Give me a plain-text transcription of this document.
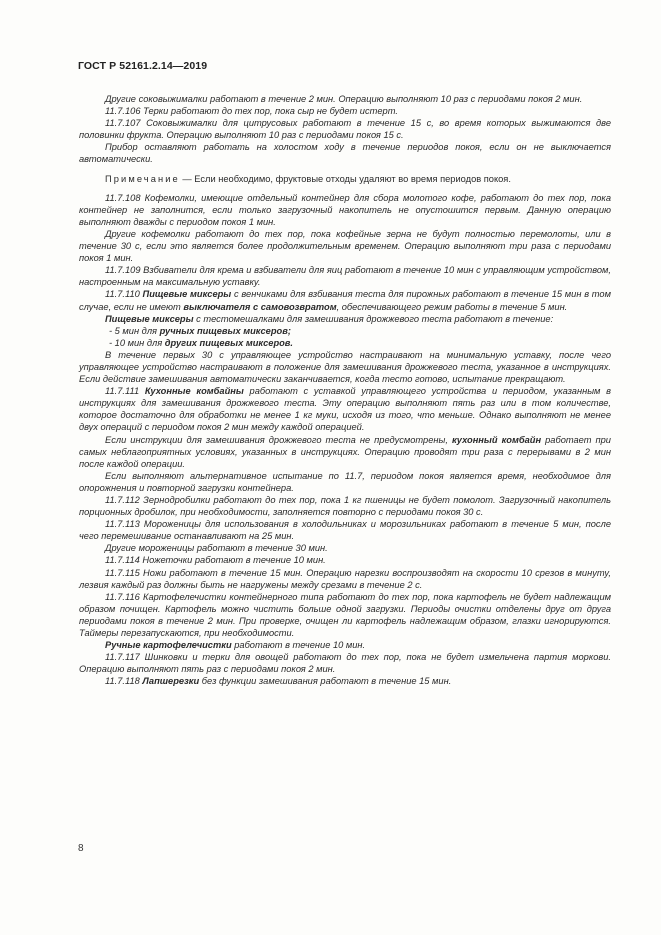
ГОСТ Р 52161.2.14—2019

Другие соковыжималки работают в течение 2 мин. Операцию выполняют 10 раз с периодами покоя 2 мин.

11.7.106 Терки работают до тех пор, пока сыр не будет истерт.

11.7.107 Соковыжималки для цитрусовых работают в течение 15 с, во время которых выжимаются две половинки фрукта. Операцию выполняют 10 раз с периодами покоя 15 с.

Прибор оставляют работать на холостом ходу в течение периодов покоя, если он не выключается автоматически.

Примечание — Если необходимо, фруктовые отходы удаляют во время периодов покоя.

11.7.108 Кофемолки, имеющие отдельный контейнер для сбора молотого кофе, работают до тех пор, пока контейнер не заполнится, если только загрузочный накопитель не опустошится первым. Данную операцию выполняют дважды с периодом покоя 1 мин.

Другие кофемолки работают до тех пор, пока кофейные зерна не будут полностью перемолоты, или в течение 30 с, если это является более продолжительным временем. Операцию выполняют три раза с периодами покоя 1 мин.

11.7.109 Взбиватели для крема и взбиватели для яиц работают в течение 10 мин с управляющим устройством, настроенным на максимальную уставку.

11.7.110 Пищевые миксеры с венчиками для взбивания теста для пирожных работают в течение 15 мин в том случае, если не имеют выключателя с самовозвратом, обеспечивающего режим работы в течение 5 мин.

Пищевые миксеры с тестомешалками для замешивания дрожжевого теста работают в течение:

- 5 мин для ручных пищевых миксеров;

- 10 мин для других пищевых миксеров.

В течение первых 30 с управляющее устройство настраивают на минимальную уставку, после чего управляющее устройство настраивают в положение для замешивания дрожжевого теста, указанное в инструкциях. Если действие замешивания автоматически заканчивается, когда тесто готово, испытание прекращают.

11.7.111 Кухонные комбайны работают с уставкой управляющего устройства и периодом, указанным в инструкциях для замешивания дрожжевого теста. Эту операцию выполняют пять раз или в том количестве, которое достаточно для обработки не менее 1 кг муки, исходя из того, что меньше. Однако выполняют не менее двух операций с периодом покоя 2 мин между каждой операцией.

Если инструкции для замешивания дрожжевого теста не предусмотрены, кухонный комбайн работает при самых неблагоприятных условиях, указанных в инструкциях. Операцию проводят три раза с перерывами в 2 мин после каждой операции.

Если выполняют альтернативное испытание по 11.7, периодом покоя является время, необходимое для опорожнения и повторной загрузки контейнера.

11.7.112 Зернодробилки работают до тех пор, пока 1 кг пшеницы не будет помолот. Загрузочный накопитель порционных дробилок, при необходимости, заполняется повторно с периодами покоя 30 с.

11.7.113 Мороженицы для использования в холодильниках и морозильниках работают в течение 5 мин, после чего перемешивание останавливают на 25 мин.

Другие мороженицы работают в течение 30 мин.

11.7.114 Ножеточки работают в течение 10 мин.

11.7.115 Ножи работают в течение 15 мин. Операцию нарезки воспроизводят на скорости 10 срезов в минуту, лезвия каждый раз должны быть не нагружены между срезами в течение 2 с.

11.7.116 Картофелечистки контейнерного типа работают до тех пор, пока картофель не будет надлежащим образом почищен. Картофель можно чистить больше одной загрузки. Периоды очистки отделены друг от друга периодами покоя в течение 2 мин. При проверке, очищен ли картофель надлежащим образом, глазки игнорируются. Таймеры перезапускаются, при необходимости.

Ручные картофелечистки работают в течение 10 мин.

11.7.117 Шинковки и терки для овощей работают до тех пор, пока не будет измельчена партия моркови. Операцию выполняют пять раз с периодами покоя 2 мин.

11.7.118 Лапшерезки без функции замешивания работают в течение 15 мин.

8
